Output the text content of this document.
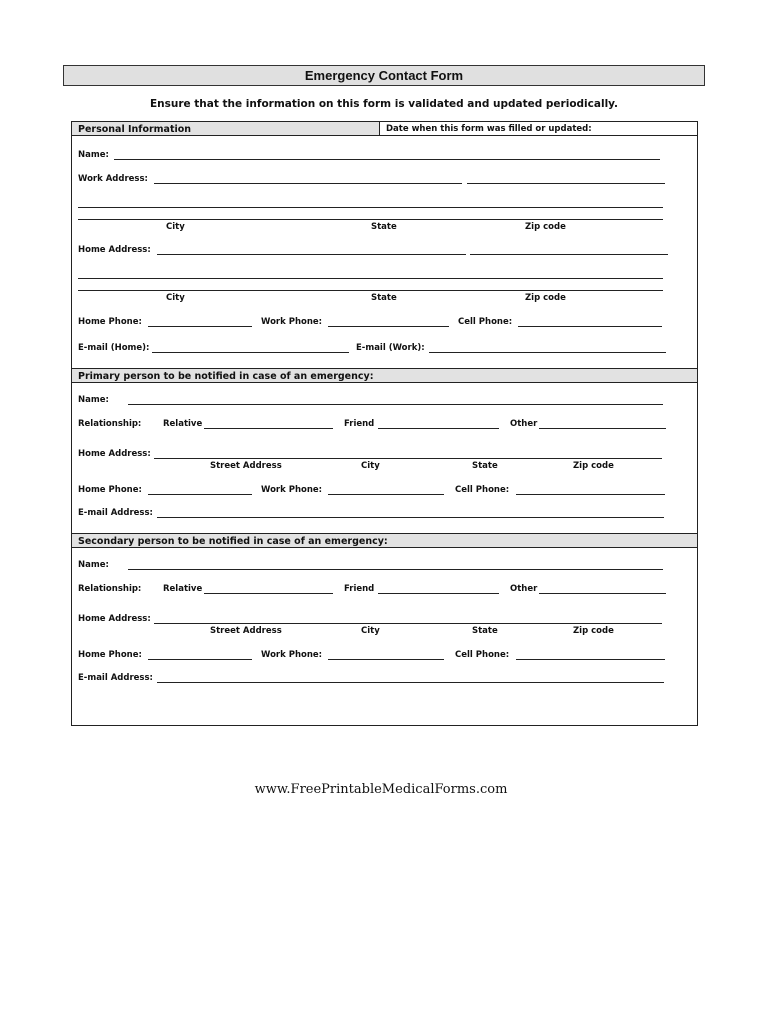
Emergency Contact Form
Ensure that the information on this form is validated and updated periodically.
Personal Information	Date when this form was filled or updated:
Name:
Work Address:
City	State	Zip code
Home Address:
City	State	Zip code
Home Phone:	Work Phone:	Cell Phone:
E-mail (Home):	E-mail (Work):
Primary person to be notified in case of an emergency:
Name:
Relationship:	Relative	Friend	Other
Home Address:
Street Address	City	State	Zip code
Home Phone:	Work Phone:	Cell Phone:
E-mail Address:
Secondary person to be notified in case of an emergency:
Name:
Relationship:	Relative	Friend	Other
Home Address:
Street Address	City	State	Zip code
Home Phone:	Work Phone:	Cell Phone:
E-mail Address:
www.FreePrintableMedicalForms.com
